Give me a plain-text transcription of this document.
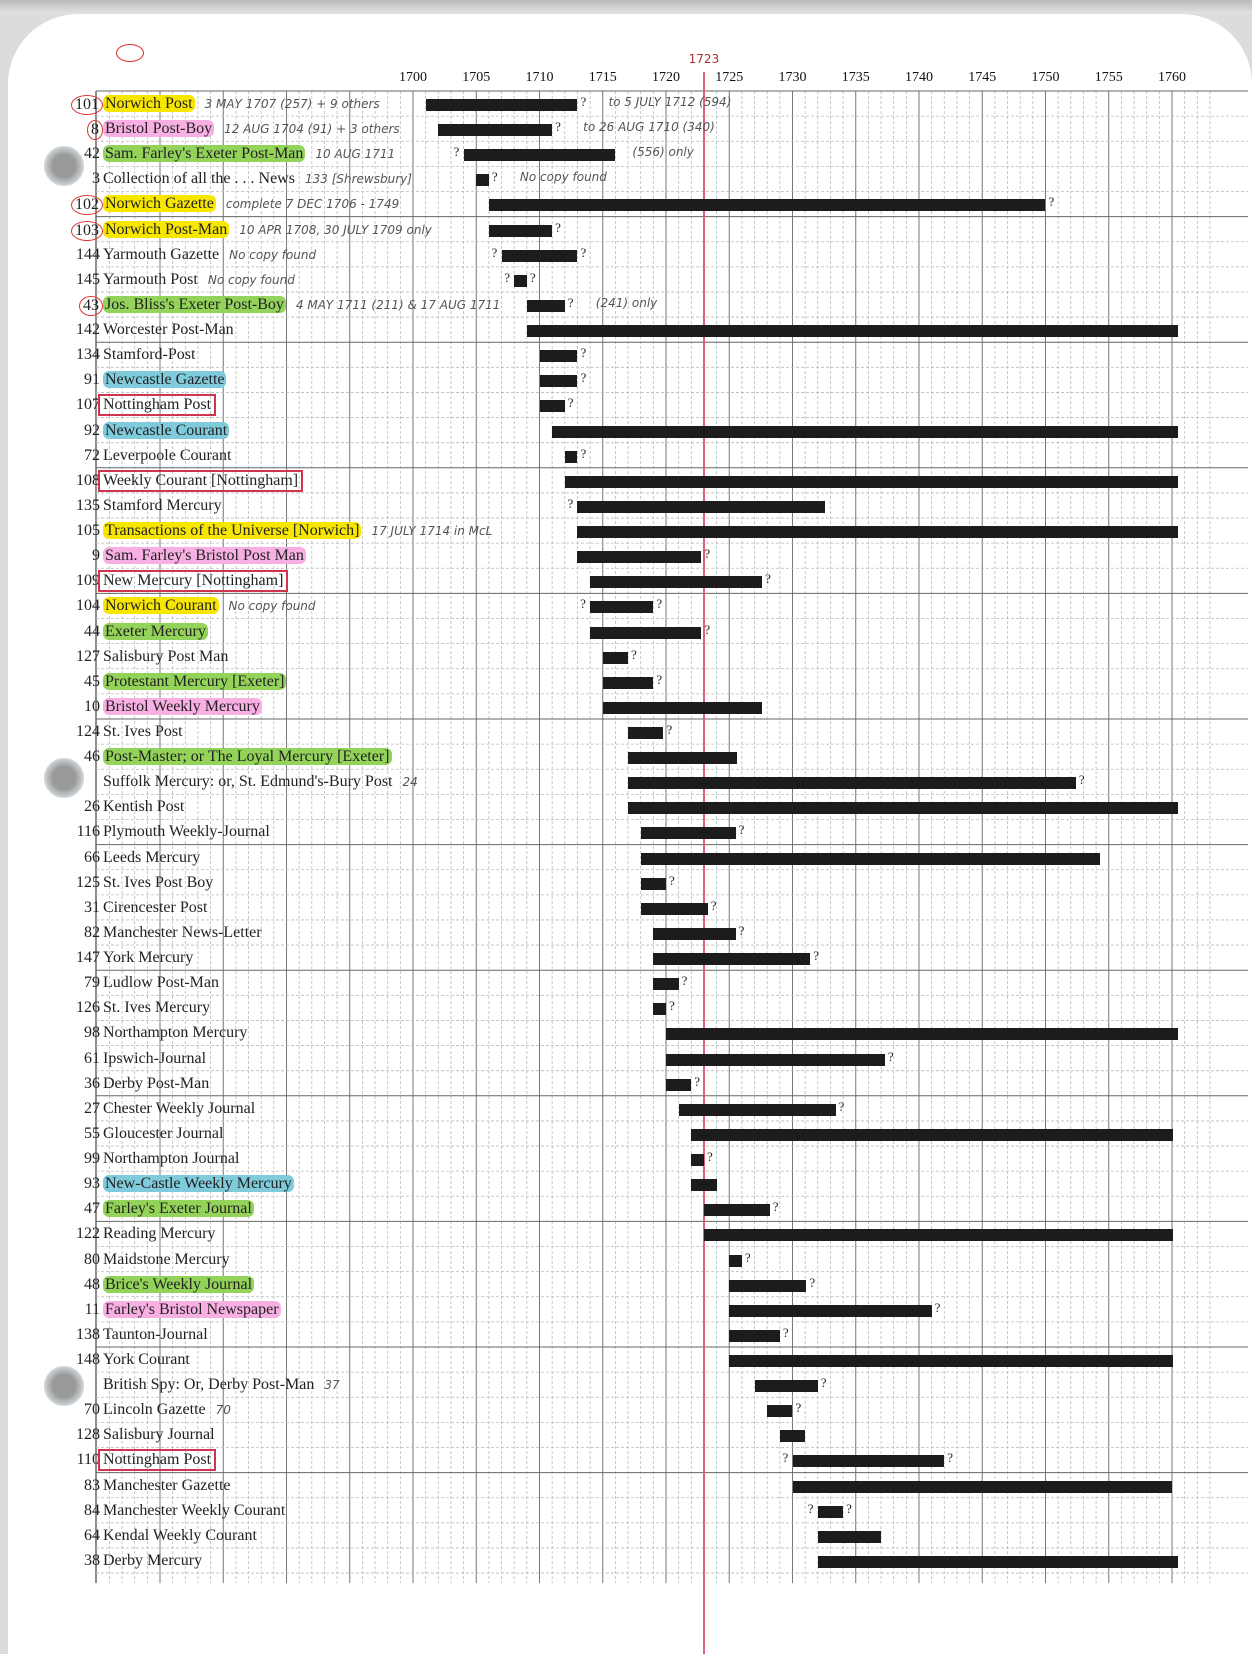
1700	1705	1710	1715	1720	1725	1730	1735	1740	1745	1750	1755	1760
1723
101 Norwich Post 3 MAY 1707 (257) + 9 others	? to 5 JULY 1712 (594)
8 Bristol Post-Boy 12 AUG 1704 (91) + 3 others	? to 26 AUG 1710 (340)
42 Sam. Farley's Exeter Post-Man 10 AUG 1711	?	(556) only
3 Collection of all the . . . News 133 [Shrewsbury]	? No copy found
102 Norwich Gazette complete 7 DEC 1706 - 1749	?
103 Norwich Post-Man 10 APR 1708, 30 JULY 1709 only	?
144 Yarmouth Gazette No copy found	?	?
145 Yarmouth Post No copy found	? ?
43 Jos. Bliss's Exeter Post-Boy 4 MAY 1711 (211) & 17 AUG 1711	? (241) only
142 Worcester Post-Man
134 Stamford-Post	?
91 Newcastle Gazette	?
107 Nottingham Post	?
92 Newcastle Courant
72 Leverpoole Courant	?
108 Weekly Courant [Nottingham]
135 Stamford Mercury	?
105 Transactions of the Universe [Norwich] 17 JULY 1714 in McL
9 Sam. Farley's Bristol Post Man	?
109 New Mercury [Nottingham]	?
104 Norwich Courant No copy found	?	?
44 Exeter Mercury	?
127 Salisbury Post Man	?
45 Protestant Mercury [Exeter]	?
10 Bristol Weekly Mercury
124 St. Ives Post	?
46 Post-Master; or The Loyal Mercury [Exeter]
Suffolk Mercury: or, St. Edmund's-Bury Post 24	?
26 Kentish Post
116 Plymouth Weekly-Journal	?
66 Leeds Mercury
125 St. Ives Post Boy	?
31 Cirencester Post	?
82 Manchester News-Letter	?
147 York Mercury	?
79 Ludlow Post-Man	?
126 St. Ives Mercury	?
98 Northampton Mercury
61 Ipswich-Journal	?
36 Derby Post-Man	?
27 Chester Weekly Journal	?
55 Gloucester Journal
99 Northampton Journal	?
93 New-Castle Weekly Mercury
47 Farley's Exeter Journal	?
122 Reading Mercury
80 Maidstone Mercury	?
48 Brice's Weekly Journal	?
11 Farley's Bristol Newspaper	?
138 Taunton-Journal	?
148 York Courant
British Spy: Or, Derby Post-Man 37	?
70 Lincoln Gazette 70	?
128 Salisbury Journal
110 Nottingham Post	?	?
83 Manchester Gazette
84 Manchester Weekly Courant	?	?
64 Kendal Weekly Courant
38 Derby Mercury
